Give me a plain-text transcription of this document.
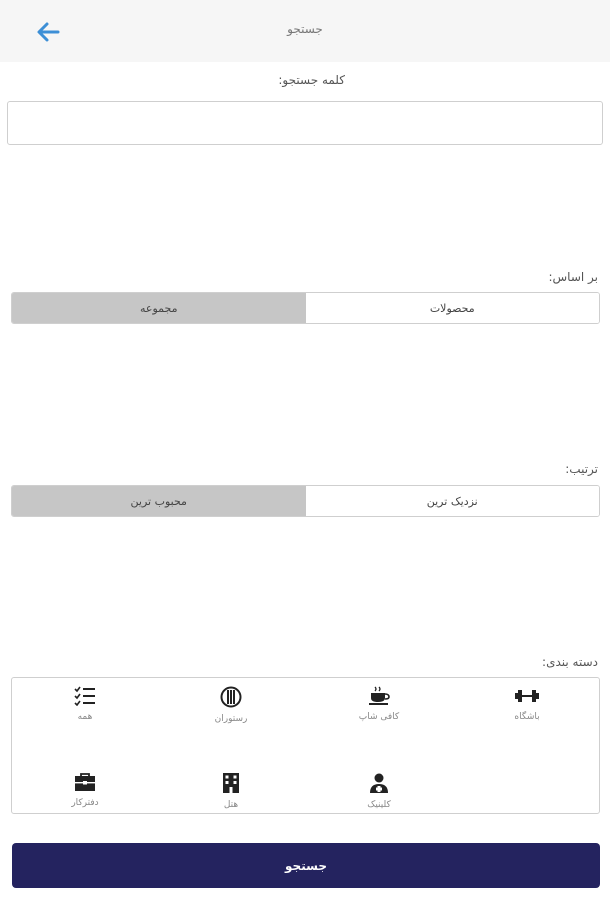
جستجو
کلمه جستجو:
بر اساس:
مجموعه	محصولات
ترتیب:
محبوب ترین	نزدیک ترین
دسته بندی:
همه	رستوران	کافی شاپ	باشگاه
دفترکار	هتل	کلینیک
جستجو
